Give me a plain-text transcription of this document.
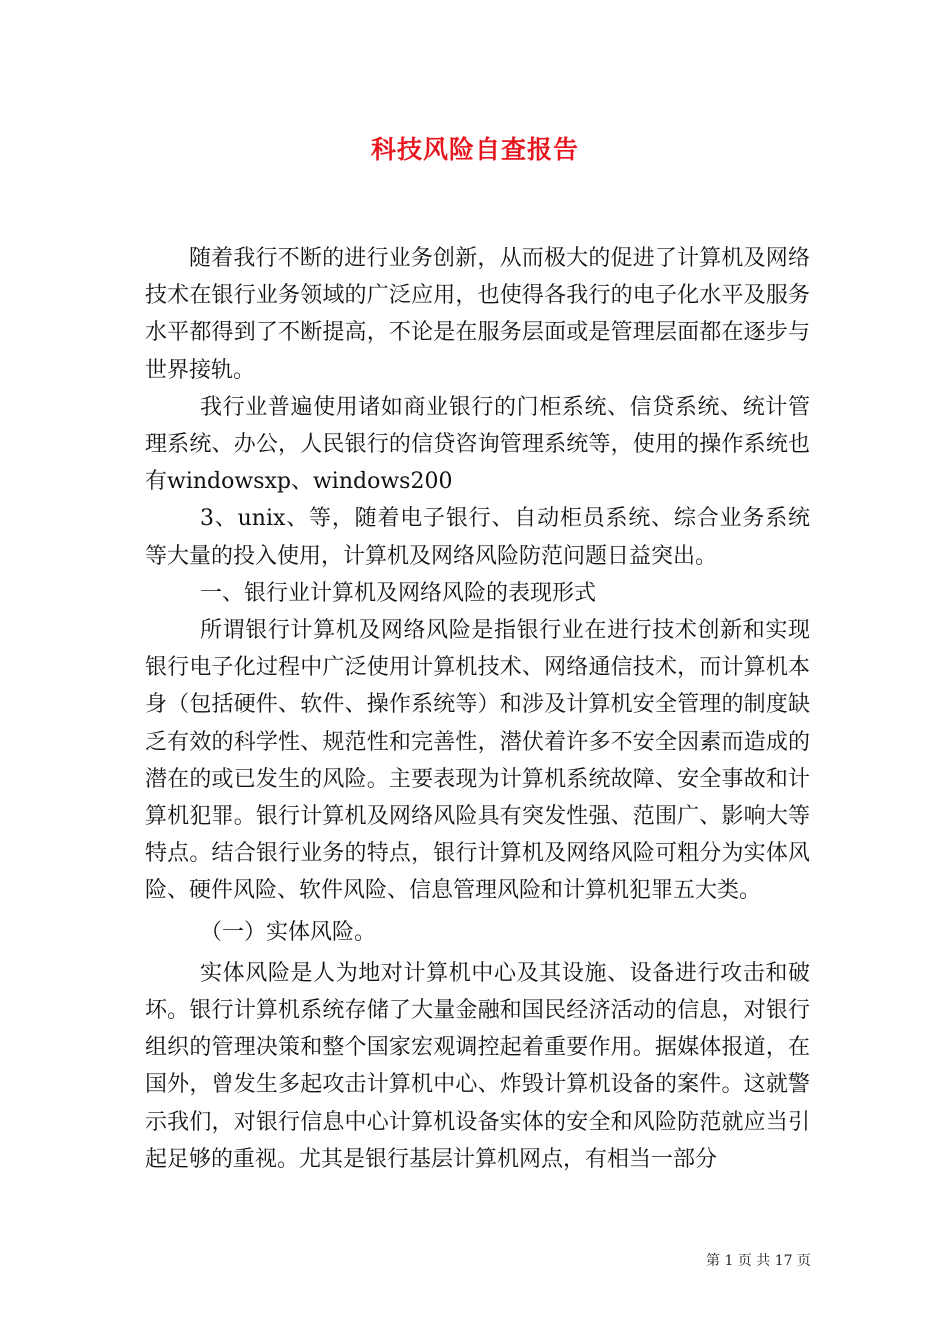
科技风险自查报告

随着我行不断的进行业务创新，从而极大的促进了计算机及网络技术在银行业务领域的广泛应用，也使得各我行的电子化水平及服务水平都得到了不断提高，不论是在服务层面或是管理层面都在逐步与世界接轨。

我行业普遍使用诸如商业银行的门柜系统、信贷系统、统计管理系统、办公，人民银行的信贷咨询管理系统等，使用的操作系统也有windowsxp、windows200

3、unix、等，随着电子银行、自动柜员系统、综合业务系统等大量的投入使用，计算机及网络风险防范问题日益突出。

一、银行业计算机及网络风险的表现形式

所谓银行计算机及网络风险是指银行业在进行技术创新和实现银行电子化过程中广泛使用计算机技术、网络通信技术，而计算机本身（包括硬件、软件、操作系统等）和涉及计算机安全管理的制度缺乏有效的科学性、规范性和完善性，潜伏着许多不安全因素而造成的潜在的或已发生的风险。主要表现为计算机系统故障、安全事故和计算机犯罪。银行计算机及网络风险具有突发性强、范围广、影响大等特点。结合银行业务的特点，银行计算机及网络风险可粗分为实体风险、硬件风险、软件风险、信息管理风险和计算机犯罪五大类。

（一）实体风险。

实体风险是人为地对计算机中心及其设施、设备进行攻击和破坏。银行计算机系统存储了大量金融和国民经济活动的信息，对银行组织的管理决策和整个国家宏观调控起着重要作用。据媒体报道，在国外，曾发生多起攻击计算机中心、炸毁计算机设备的案件。这就警示我们，对银行信息中心计算机设备实体的安全和风险防范就应当引起足够的重视。尤其是银行基层计算机网点，有相当一部分

第 1 页 共 17 页
